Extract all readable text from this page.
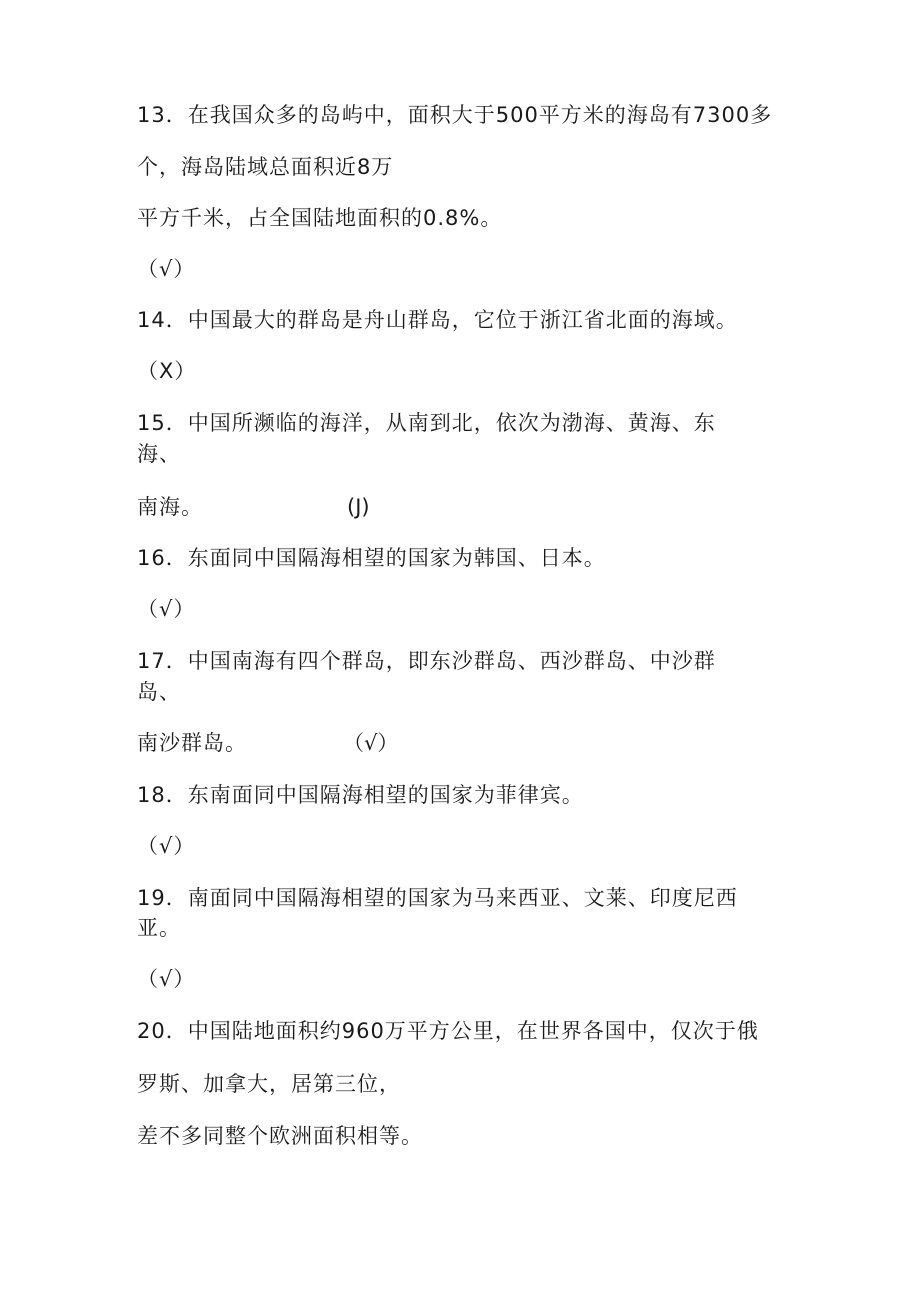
13．在我国众多的岛屿中，面积大于500平方米的海岛有7300多
个，海岛陆域总面积近8万
平方千米，占全国陆地面积的0.8%。
（√）
14．中国最大的群岛是舟山群岛，它位于浙江省北面的海域。
（X）
15．中国所濒临的海洋，从南到北，依次为渤海、黄海、东
海、
南海。	(J)
16．东面同中国隔海相望的国家为韩国、日本。
（√）
17．中国南海有四个群岛，即东沙群岛、西沙群岛、中沙群
岛、
南沙群岛。	（√）
18．东南面同中国隔海相望的国家为菲律宾。
（√）
19．南面同中国隔海相望的国家为马来西亚、文莱、印度尼西
亚。
（√）
20．中国陆地面积约960万平方公里，在世界各国中，仅次于俄
罗斯、加拿大，居第三位，
差不多同整个欧洲面积相等。
